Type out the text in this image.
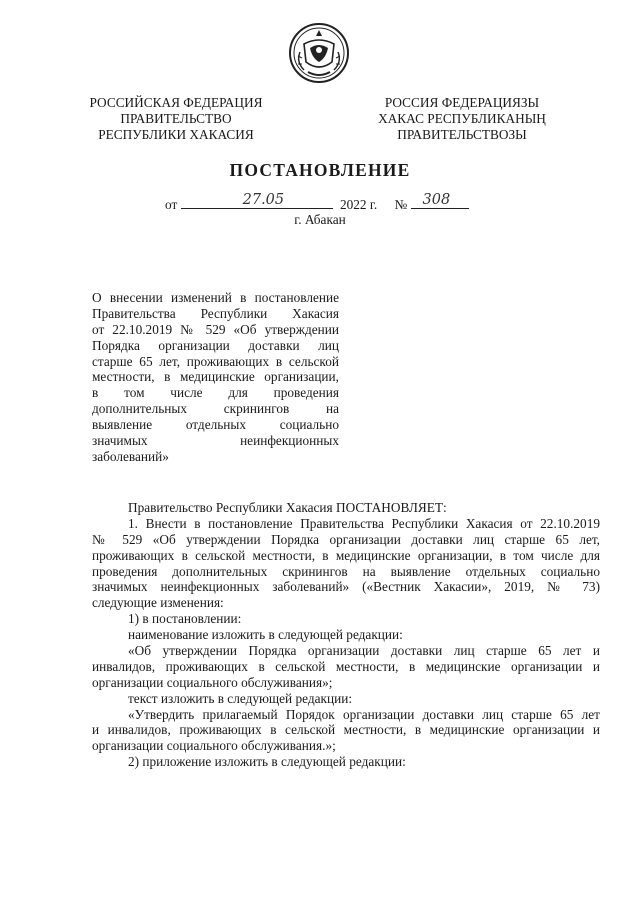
РОССИЙСКАЯ ФЕДЕРАЦИЯ
ПРАВИТЕЛЬСТВО
РЕСПУБЛИКИ ХАКАСИЯ
РОССИЯ ФЕДЕРАЦИЯЗЫ
ХАКАС РЕСПУБЛИКАНЫҢ
ПРАВИТЕЛЬСТВОЗЫ
ПОСТАНОВЛЕНИЕ
от	27.05	2022 г. № 308
г. Абакан
О внесении изменений в постановление
Правительства Республики Хакасия
от 22.10.2019 № 529 «Об утверждении
Порядка организации доставки лиц
старше 65 лет, проживающих в сельской
местности, в медицинские организации,
в том числе для проведения
дополнительных скринингов на
выявление отдельных социально
значимых неинфекционных
заболеваний»
Правительство Республики Хакасия ПОСТАНОВЛЯЕТ:
1. Внести в постановление Правительства Республики Хакасия от 22.10.2019
№ 529 «Об утверждении Порядка организации доставки лиц старше 65 лет,
проживающих в сельской местности, в медицинские организации, в том числе для
проведения дополнительных скринингов на выявление отдельных социально
значимых неинфекционных заболеваний» («Вестник Хакасии», 2019, № 73)
следующие изменения:
1) в постановлении:
наименование изложить в следующей редакции:
«Об утверждении Порядка организации доставки лиц старше 65 лет и
инвалидов, проживающих в сельской местности, в медицинские организации и
организации социального обслуживания»;
текст изложить в следующей редакции:
«Утвердить прилагаемый Порядок организации доставки лиц старше 65 лет
и инвалидов, проживающих в сельской местности, в медицинские организации и
организации социального обслуживания.»;
2) приложение изложить в следующей редакции:
